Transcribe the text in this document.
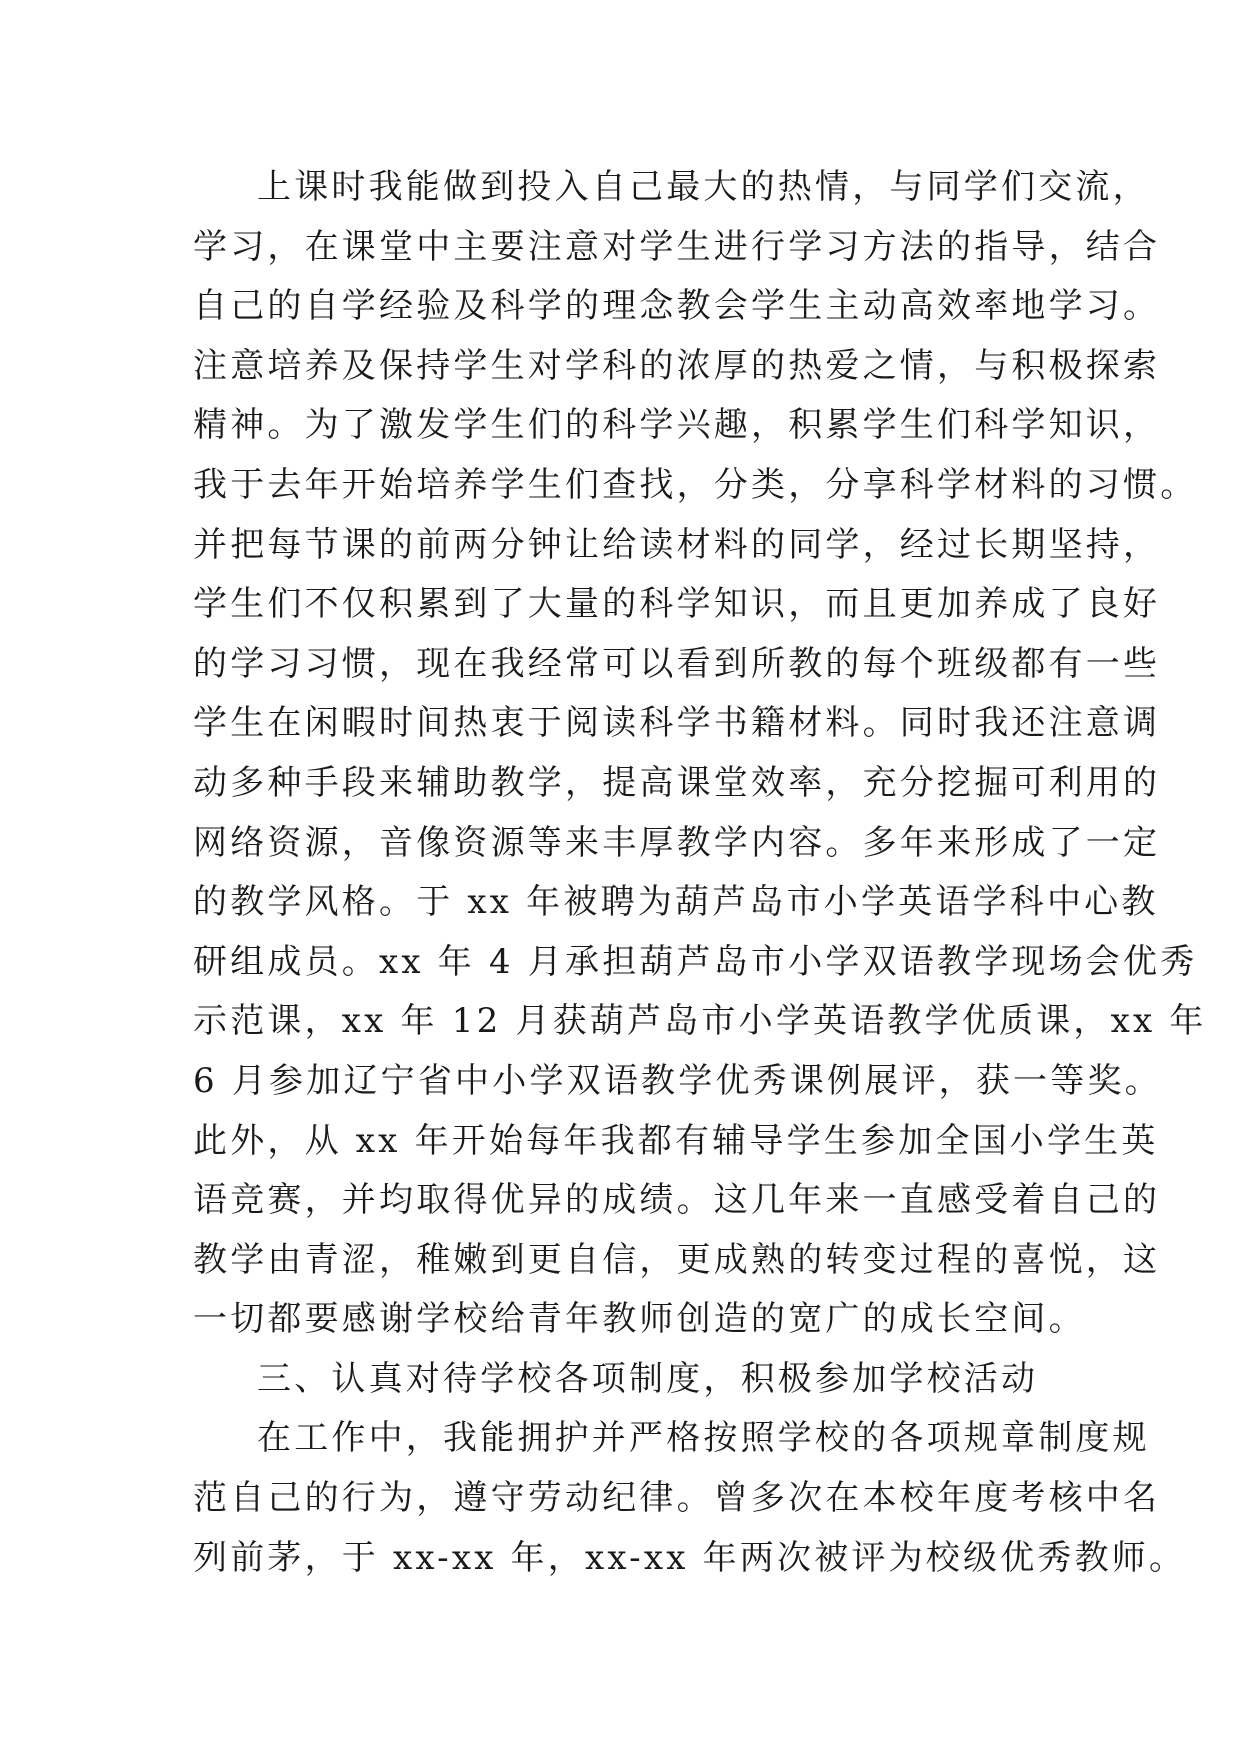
上课时我能做到投入自己最大的热情，与同学们交流，
学习，在课堂中主要注意对学生进行学习方法的指导，结合
自己的自学经验及科学的理念教会学生主动高效率地学习。
注意培养及保持学生对学科的浓厚的热爱之情，与积极探索
精神。为了激发学生们的科学兴趣，积累学生们科学知识，
我于去年开始培养学生们查找，分类，分享科学材料的习惯。
并把每节课的前两分钟让给读材料的同学，经过长期坚持，
学生们不仅积累到了大量的科学知识，而且更加养成了良好
的学习习惯，现在我经常可以看到所教的每个班级都有一些
学生在闲暇时间热衷于阅读科学书籍材料。同时我还注意调
动多种手段来辅助教学，提高课堂效率，充分挖掘可利用的
网络资源，音像资源等来丰厚教学内容。多年来形成了一定
的教学风格。于 xx 年被聘为葫芦岛市小学英语学科中心教
研组成员。xx 年 4 月承担葫芦岛市小学双语教学现场会优秀
示范课，xx 年 12 月获葫芦岛市小学英语教学优质课，xx 年
6 月参加辽宁省中小学双语教学优秀课例展评，获一等奖。
此外，从 xx 年开始每年我都有辅导学生参加全国小学生英
语竞赛，并均取得优异的成绩。这几年来一直感受着自己的
教学由青涩，稚嫩到更自信，更成熟的转变过程的喜悦，这
一切都要感谢学校给青年教师创造的宽广的成长空间。
三、认真对待学校各项制度，积极参加学校活动
在工作中，我能拥护并严格按照学校的各项规章制度规
范自己的行为，遵守劳动纪律。曾多次在本校年度考核中名
列前茅，于 xx-xx 年，xx-xx 年两次被评为校级优秀教师。
